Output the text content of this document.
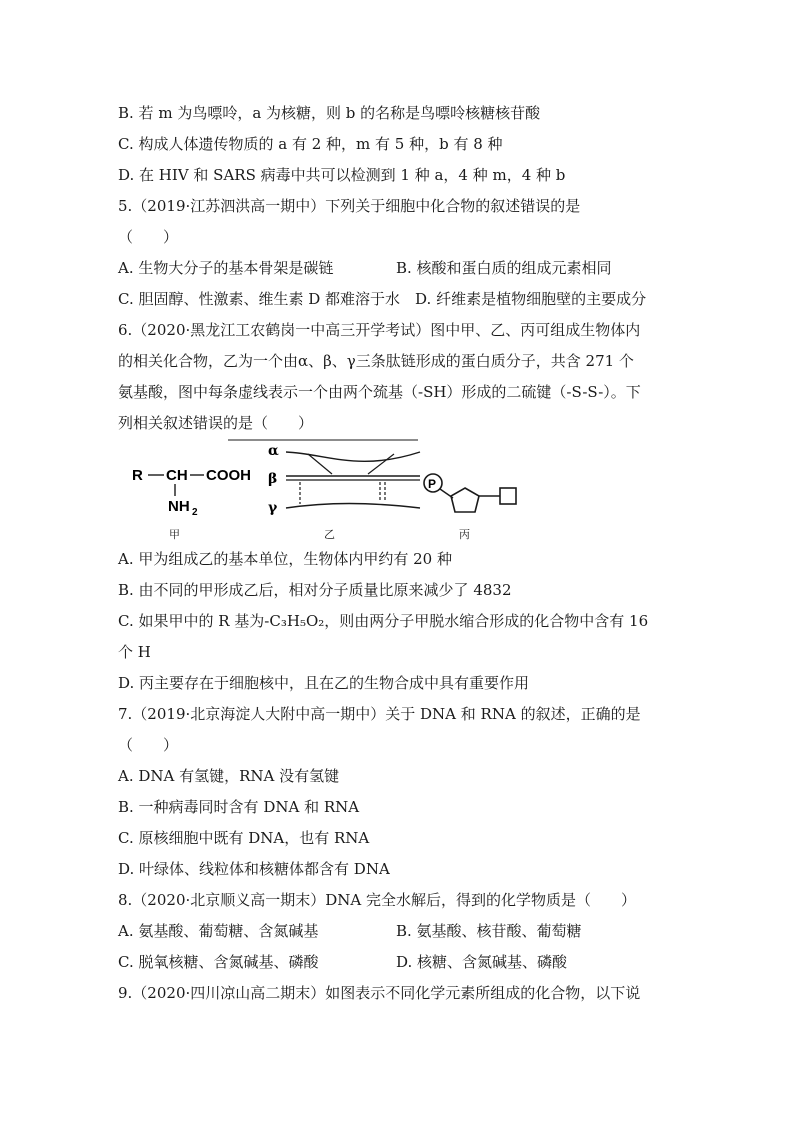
B. 若 m 为鸟嘌呤，a 为核糖，则 b 的名称是鸟嘌呤核糖核苷酸
C. 构成人体遗传物质的 a 有 2 种，m 有 5 种，b 有 8 种
D. 在 HIV 和 SARS 病毒中共可以检测到 1 种 a，4 种 m，4 种 b
5.（2019·江苏泗洪高一期中）下列关于细胞中化合物的叙述错误的是
（　　）
A. 生物大分子的基本骨架是碳链	B. 核酸和蛋白质的组成元素相同
C. 胆固醇、性激素、维生素 D 都难溶于水　D. 纤维素是植物细胞壁的主要成分
6.（2020·黑龙江工农鹤岗一中高三开学考试）图中甲、乙、丙可组成生物体内
的相关化合物，乙为一个由α、β、γ三条肽链形成的蛋白质分子，共含 271 个
氨基酸，图中每条虚线表示一个由两个巯基（-SH）形成的二硫键（-S-S-）。下
列相关叙述错误的是（　　）
R CH COOH
NH 2
α
β
γ
P
甲	乙	丙
A. 甲为组成乙的基本单位，生物体内甲约有 20 种
B. 由不同的甲形成乙后，相对分子质量比原来减少了 4832
C. 如果甲中的 R 基为-C₃H₅O₂，则由两分子甲脱水缩合形成的化合物中含有 16
个 H
D. 丙主要存在于细胞核中，且在乙的生物合成中具有重要作用
7.（2019·北京海淀人大附中高一期中）关于 DNA 和 RNA 的叙述，正确的是
（　　）
A. DNA 有氢键，RNA 没有氢键
B. 一种病毒同时含有 DNA 和 RNA
C. 原核细胞中既有 DNA，也有 RNA
D. 叶绿体、线粒体和核糖体都含有 DNA
8.（2020·北京顺义高一期末）DNA 完全水解后，得到的化学物质是（　　）
A. 氨基酸、葡萄糖、含氮碱基	B. 氨基酸、核苷酸、葡萄糖
C. 脱氧核糖、含氮碱基、磷酸	D. 核糖、含氮碱基、磷酸
9.（2020·四川凉山高二期末）如图表示不同化学元素所组成的化合物，以下说
